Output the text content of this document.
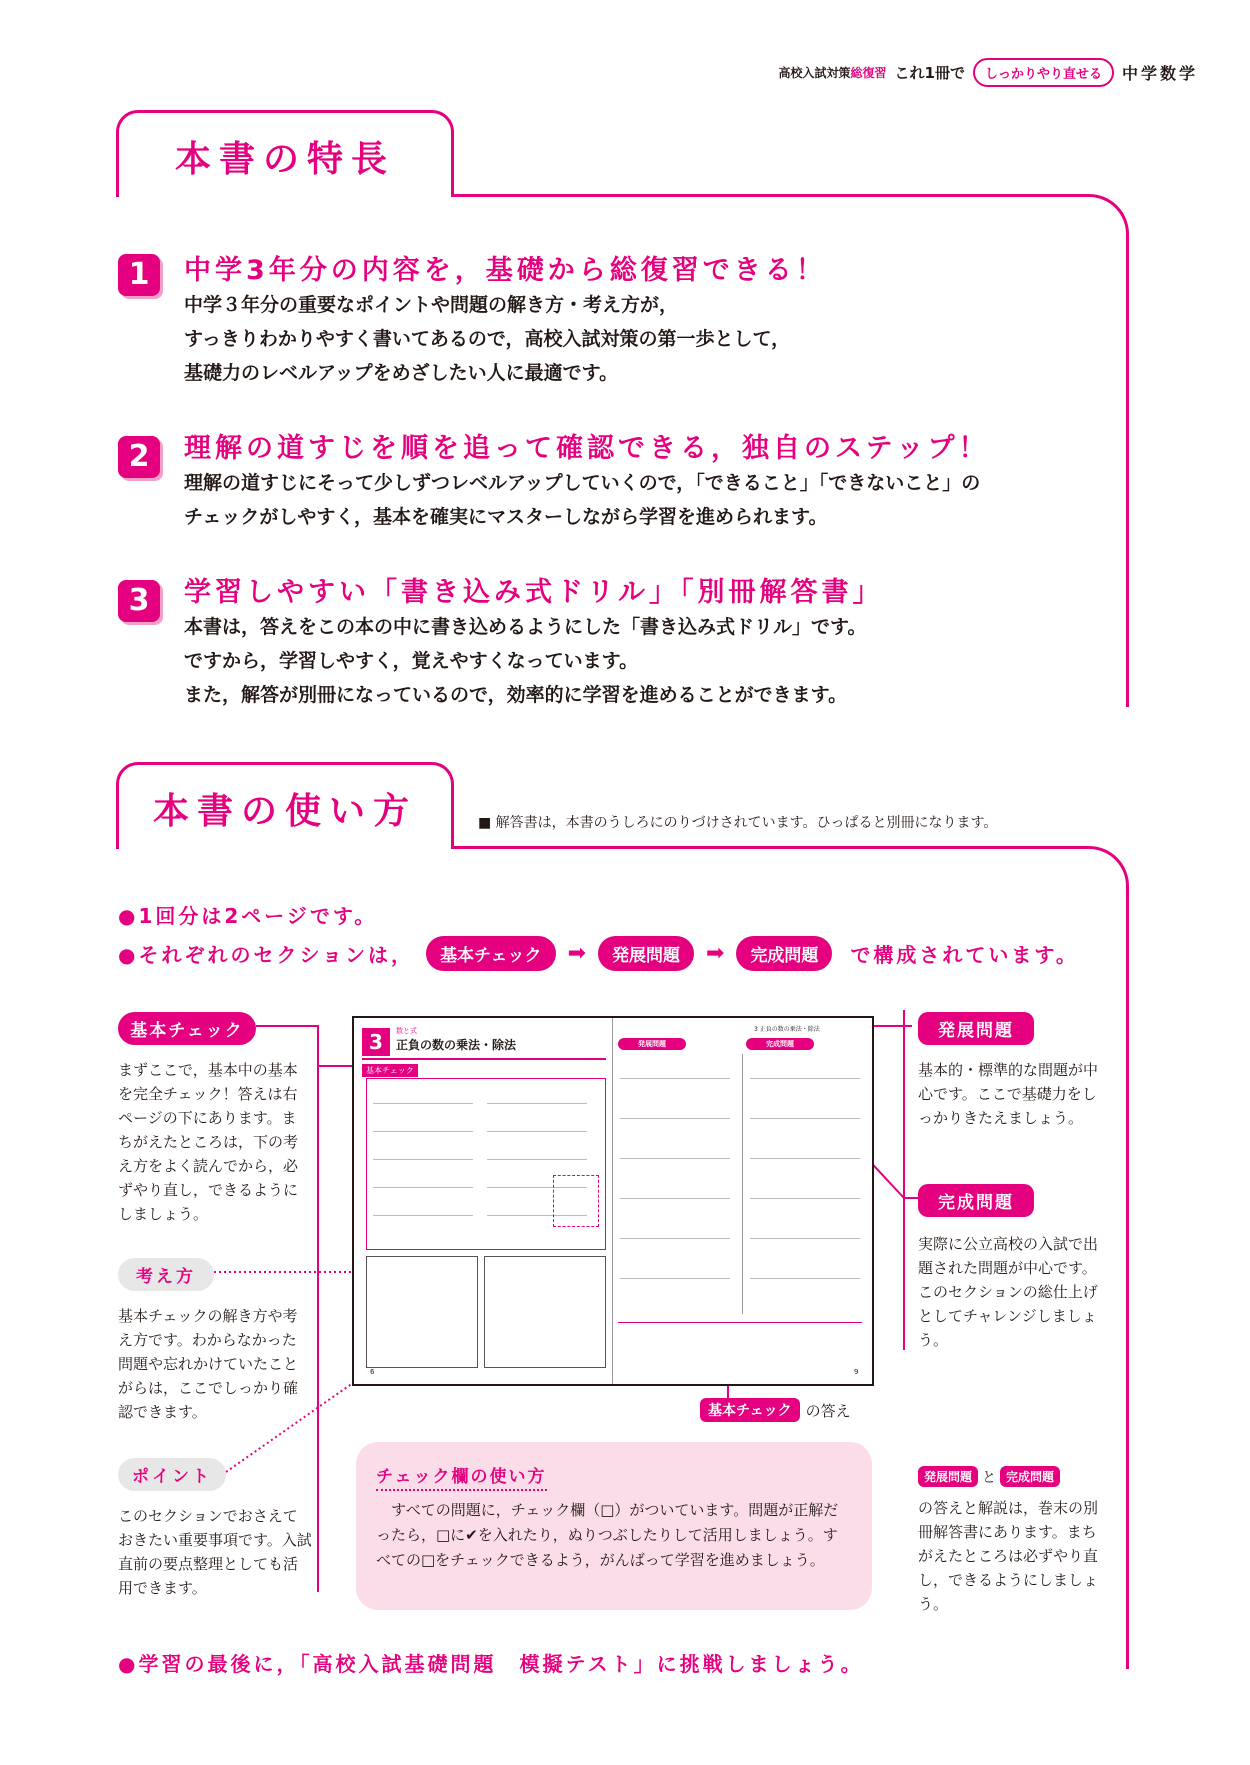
高校入試対策総復習 これ1冊で	しっかりやり直せる	中学数学
本書の特長
1	中学3年分の内容を，基礎から総復習できる！
中学３年分の重要なポイントや問題の解き方・考え方が，
すっきりわかりやすく書いてあるので，高校入試対策の第一歩として，
基礎力のレベルアップをめざしたい人に最適です。
2	理解の道すじを順を追って確認できる，独自のステップ！
理解の道すじにそって少しずつレベルアップしていくので，「できること」「できないこと」の
チェックがしやすく，基本を確実にマスターしながら学習を進められます。
3	学習しやすい「書き込み式ドリル」「別冊解答書」
本書は，答えをこの本の中に書き込めるようにした「書き込み式ドリル」です。
ですから，学習しやすく，覚えやすくなっています。
また，解答が別冊になっているので，効率的に学習を進めることができます。
本書の使い方	■ 解答書は，本書のうしろにのりづけされています。ひっぱると別冊になります。
●1回分は2ページです。
●それぞれのセクションは，	基本チェック	➡	発展問題	➡	完成問題	で構成されています。
基本チェック
まずここで，基本中の基本を完全チェック！答えは右ページの下にあります。まちがえたところは，下の考え方をよく読んでから，必ずやり直し，できるようにしましょう。
考え方
基本チェックの解き方や考え方です。わからなかった問題や忘れかけていたことがらは，ここでしっかり確認できます。
ポイント
このセクションでおさえておきたい重要事項です。入試直前の要点整理としても活用できます。
3	数と式
正負の数の乗法・除法
基本チェック
3 正負の数の乗法・除法
発展問題	完成問題
6	9
基本チェック の答え
チェック欄の使い方
すべての問題に，チェック欄（□）がついています。問題が正解だったら，□に✔を入れたり，ぬりつぶしたりして活用しましょう。すべての□をチェックできるよう，がんばって学習を進めましょう。
発展問題
基本的・標準的な問題が中心です。ここで基礎力をしっかりきたえましょう。
完成問題
実際に公立高校の入試で出題された問題が中心です。このセクションの総仕上げとしてチャレンジしましょう。
発展問題 と 完成問題
の答えと解説は，巻末の別冊解答書にあります。まちがえたところは必ずやり直し，できるようにしましょう。
●学習の最後に，「高校入試基礎問題　模擬テスト」に挑戦しましょう。
